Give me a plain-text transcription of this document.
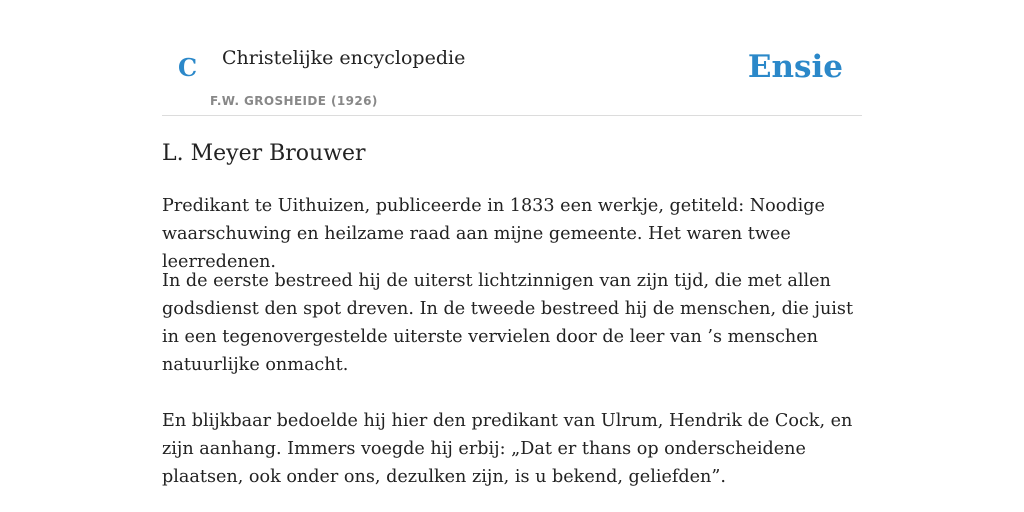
C Christelijke encyclopedie
F.W. GROSHEIDE (1926)
Ensie
L. Meyer Brouwer

Predikant te Uithuizen, publiceerde in 1833 een werkje, getiteld: Noodige waarschuwing en heilzame raad aan mijne gemeente. Het waren twee leerredenen.

In de eerste bestreed hij de uiterst lichtzinnigen van zijn tijd, die met allen godsdienst den spot dreven. In de tweede bestreed hij de menschen, die juist in een tegenovergestelde uiterste vervielen door de leer van ’s menschen natuurlijke onmacht.

En blijkbaar bedoelde hij hier den predikant van Ulrum, Hendrik de Cock, en zijn aanhang. Immers voegde hij erbij: „Dat er thans op onderscheidene plaatsen, ook onder ons, dezulken zijn, is u bekend, geliefden”.
